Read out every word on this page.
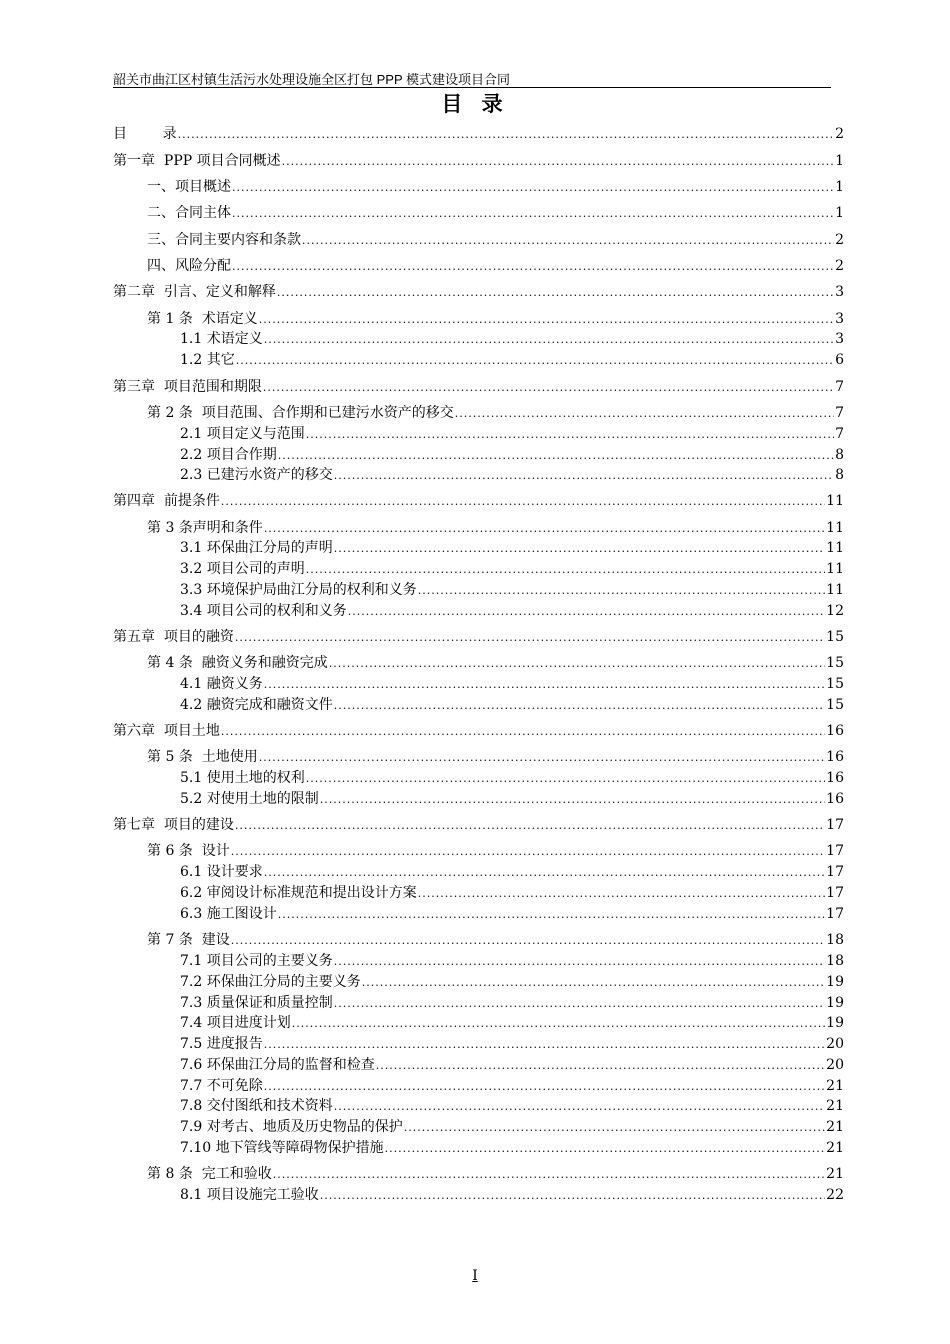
韶关市曲江区村镇生活污水处理设施全区打包 PPP 模式建设项目合同
目 录
目        录 .....	2
第一章  PPP 项目合同概述 .....	1
一、项目概述 .....	1
二、合同主体 .....	1
三、合同主要内容和条款 .....	2
四、风险分配 .....	2
第二章  引言、定义和解释 .....	3
第 1 条  术语定义 .....	3
1.1 术语定义 .....	3
1.2 其它 .....	6
第三章  项目范围和期限 .....	7
第 2 条  项目范围、合作期和已建污水资产的移交 .....	7
2.1 项目定义与范围 .....	7
2.2 项目合作期 .....	8
2.3 已建污水资产的移交 .....	8
第四章  前提条件 .....	11
第 3 条声明和条件 .....	11
3.1 环保曲江分局的声明 .....	11
3.2 项目公司的声明 .....	11
3.3 环境保护局曲江分局的权利和义务 .....	11
3.4 项目公司的权利和义务 .....	12
第五章  项目的融资 .....	15
第 4 条  融资义务和融资完成 .....	15
4.1 融资义务 .....	15
4.2 融资完成和融资文件 .....	15
第六章  项目土地 .....	16
第 5 条  土地使用 .....	16
5.1 使用土地的权利 .....	16
5.2 对使用土地的限制 .....	16
第七章  项目的建设 .....	17
第 6 条  设计 .....	17
6.1 设计要求 .....	17
6.2 审阅设计标准规范和提出设计方案 .....	17
6.3 施工图设计 .....	17
第 7 条  建设 .....	18
7.1 项目公司的主要义务 .....	18
7.2 环保曲江分局的主要义务 .....	19
7.3 质量保证和质量控制 .....	19
7.4 项目进度计划 .....	19
7.5 进度报告 .....	20
7.6 环保曲江分局的监督和检查 .....	20
7.7 不可免除 .....	21
7.8 交付图纸和技术资料 .....	21
7.9 对考古、地质及历史物品的保护 .....	21
7.10 地下管线等障碍物保护措施 .....	21
第 8 条  完工和验收 .....	21
8.1 项目设施完工验收 .....	22
I
